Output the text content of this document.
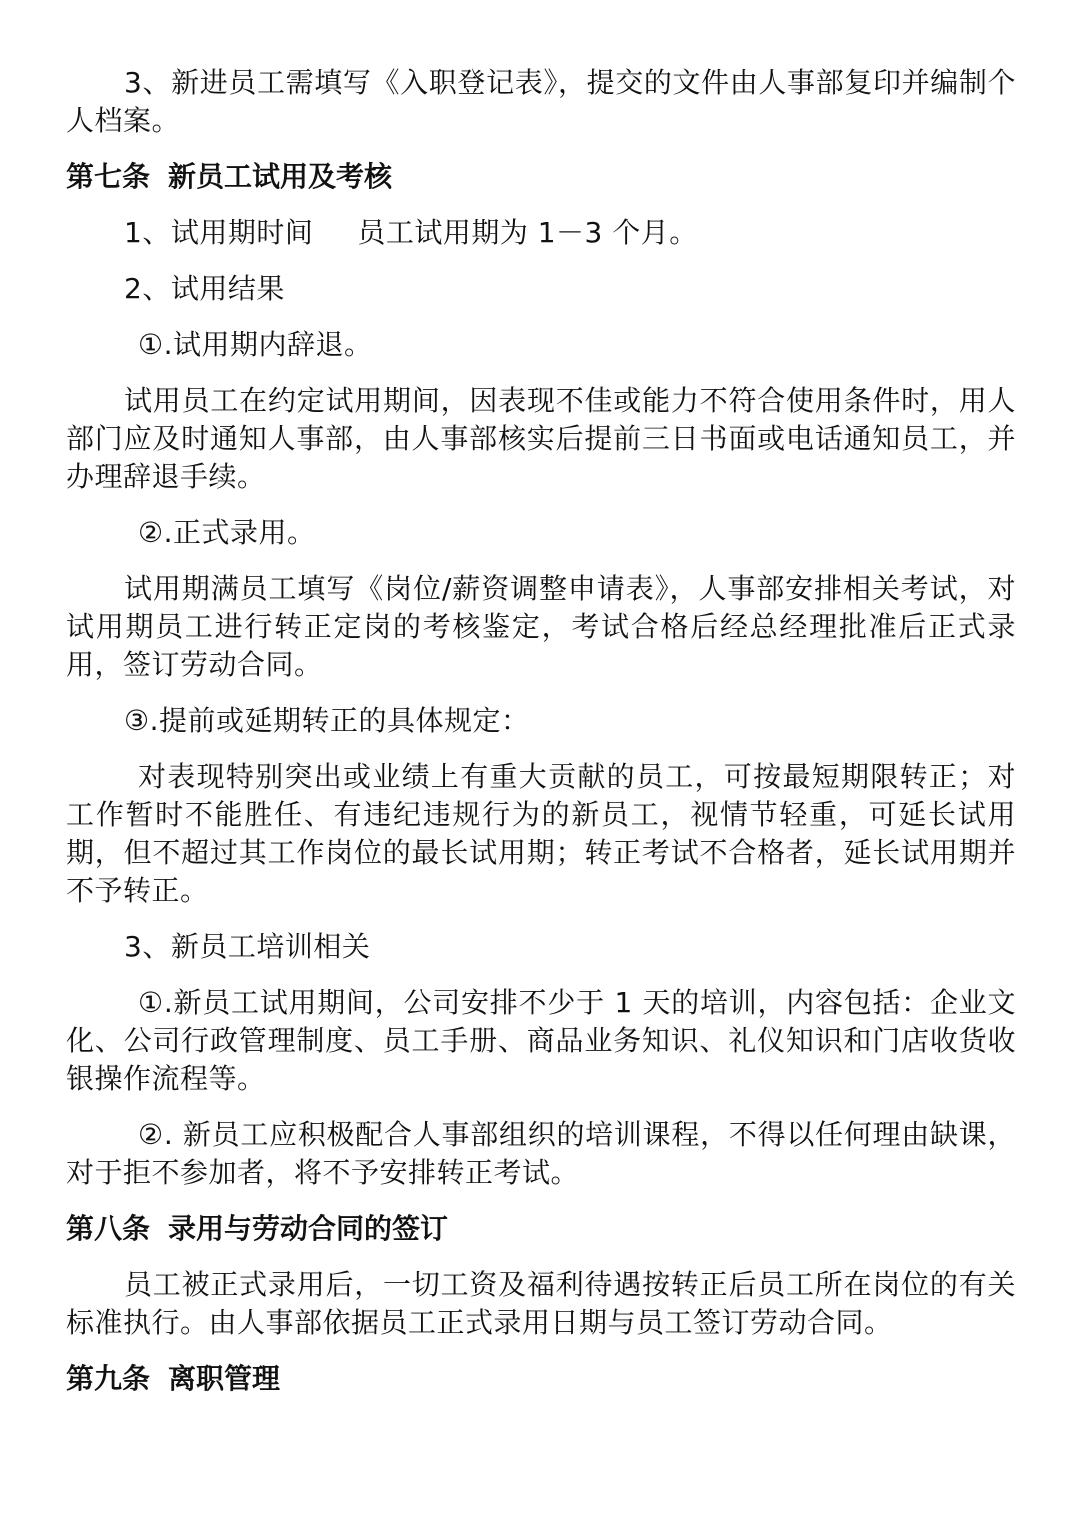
3、新进员工需填写《入职登记表》，提交的文件由人事部复印并编制个人档案。

第七条 新员工试用及考核

1、试用期时间 员工试用期为 1－3 个月。

2、试用结果

①.试用期内辞退。

试用员工在约定试用期间，因表现不佳或能力不符合使用条件时，用人部门应及时通知人事部，由人事部核实后提前三日书面或电话通知员工，并办理辞退手续。

②.正式录用。

试用期满员工填写《岗位/薪资调整申请表》，人事部安排相关考试，对试用期员工进行转正定岗的考核鉴定，考试合格后经总经理批准后正式录用，签订劳动合同。

③.提前或延期转正的具体规定：

对表现特别突出或业绩上有重大贡献的员工，可按最短期限转正；对工作暂时不能胜任、有违纪违规行为的新员工，视情节轻重，可延长试用期，但不超过其工作岗位的最长试用期；转正考试不合格者，延长试用期并不予转正。

3、新员工培训相关

①.新员工试用期间，公司安排不少于 1 天的培训，内容包括：企业文化、公司行政管理制度、员工手册、商品业务知识、礼仪知识和门店收货收银操作流程等。

②. 新员工应积极配合人事部组织的培训课程，不得以任何理由缺课，对于拒不参加者，将不予安排转正考试。

第八条 录用与劳动合同的签订

员工被正式录用后，一切工资及福利待遇按转正后员工所在岗位的有关标准执行。由人事部依据员工正式录用日期与员工签订劳动合同。

第九条 离职管理
